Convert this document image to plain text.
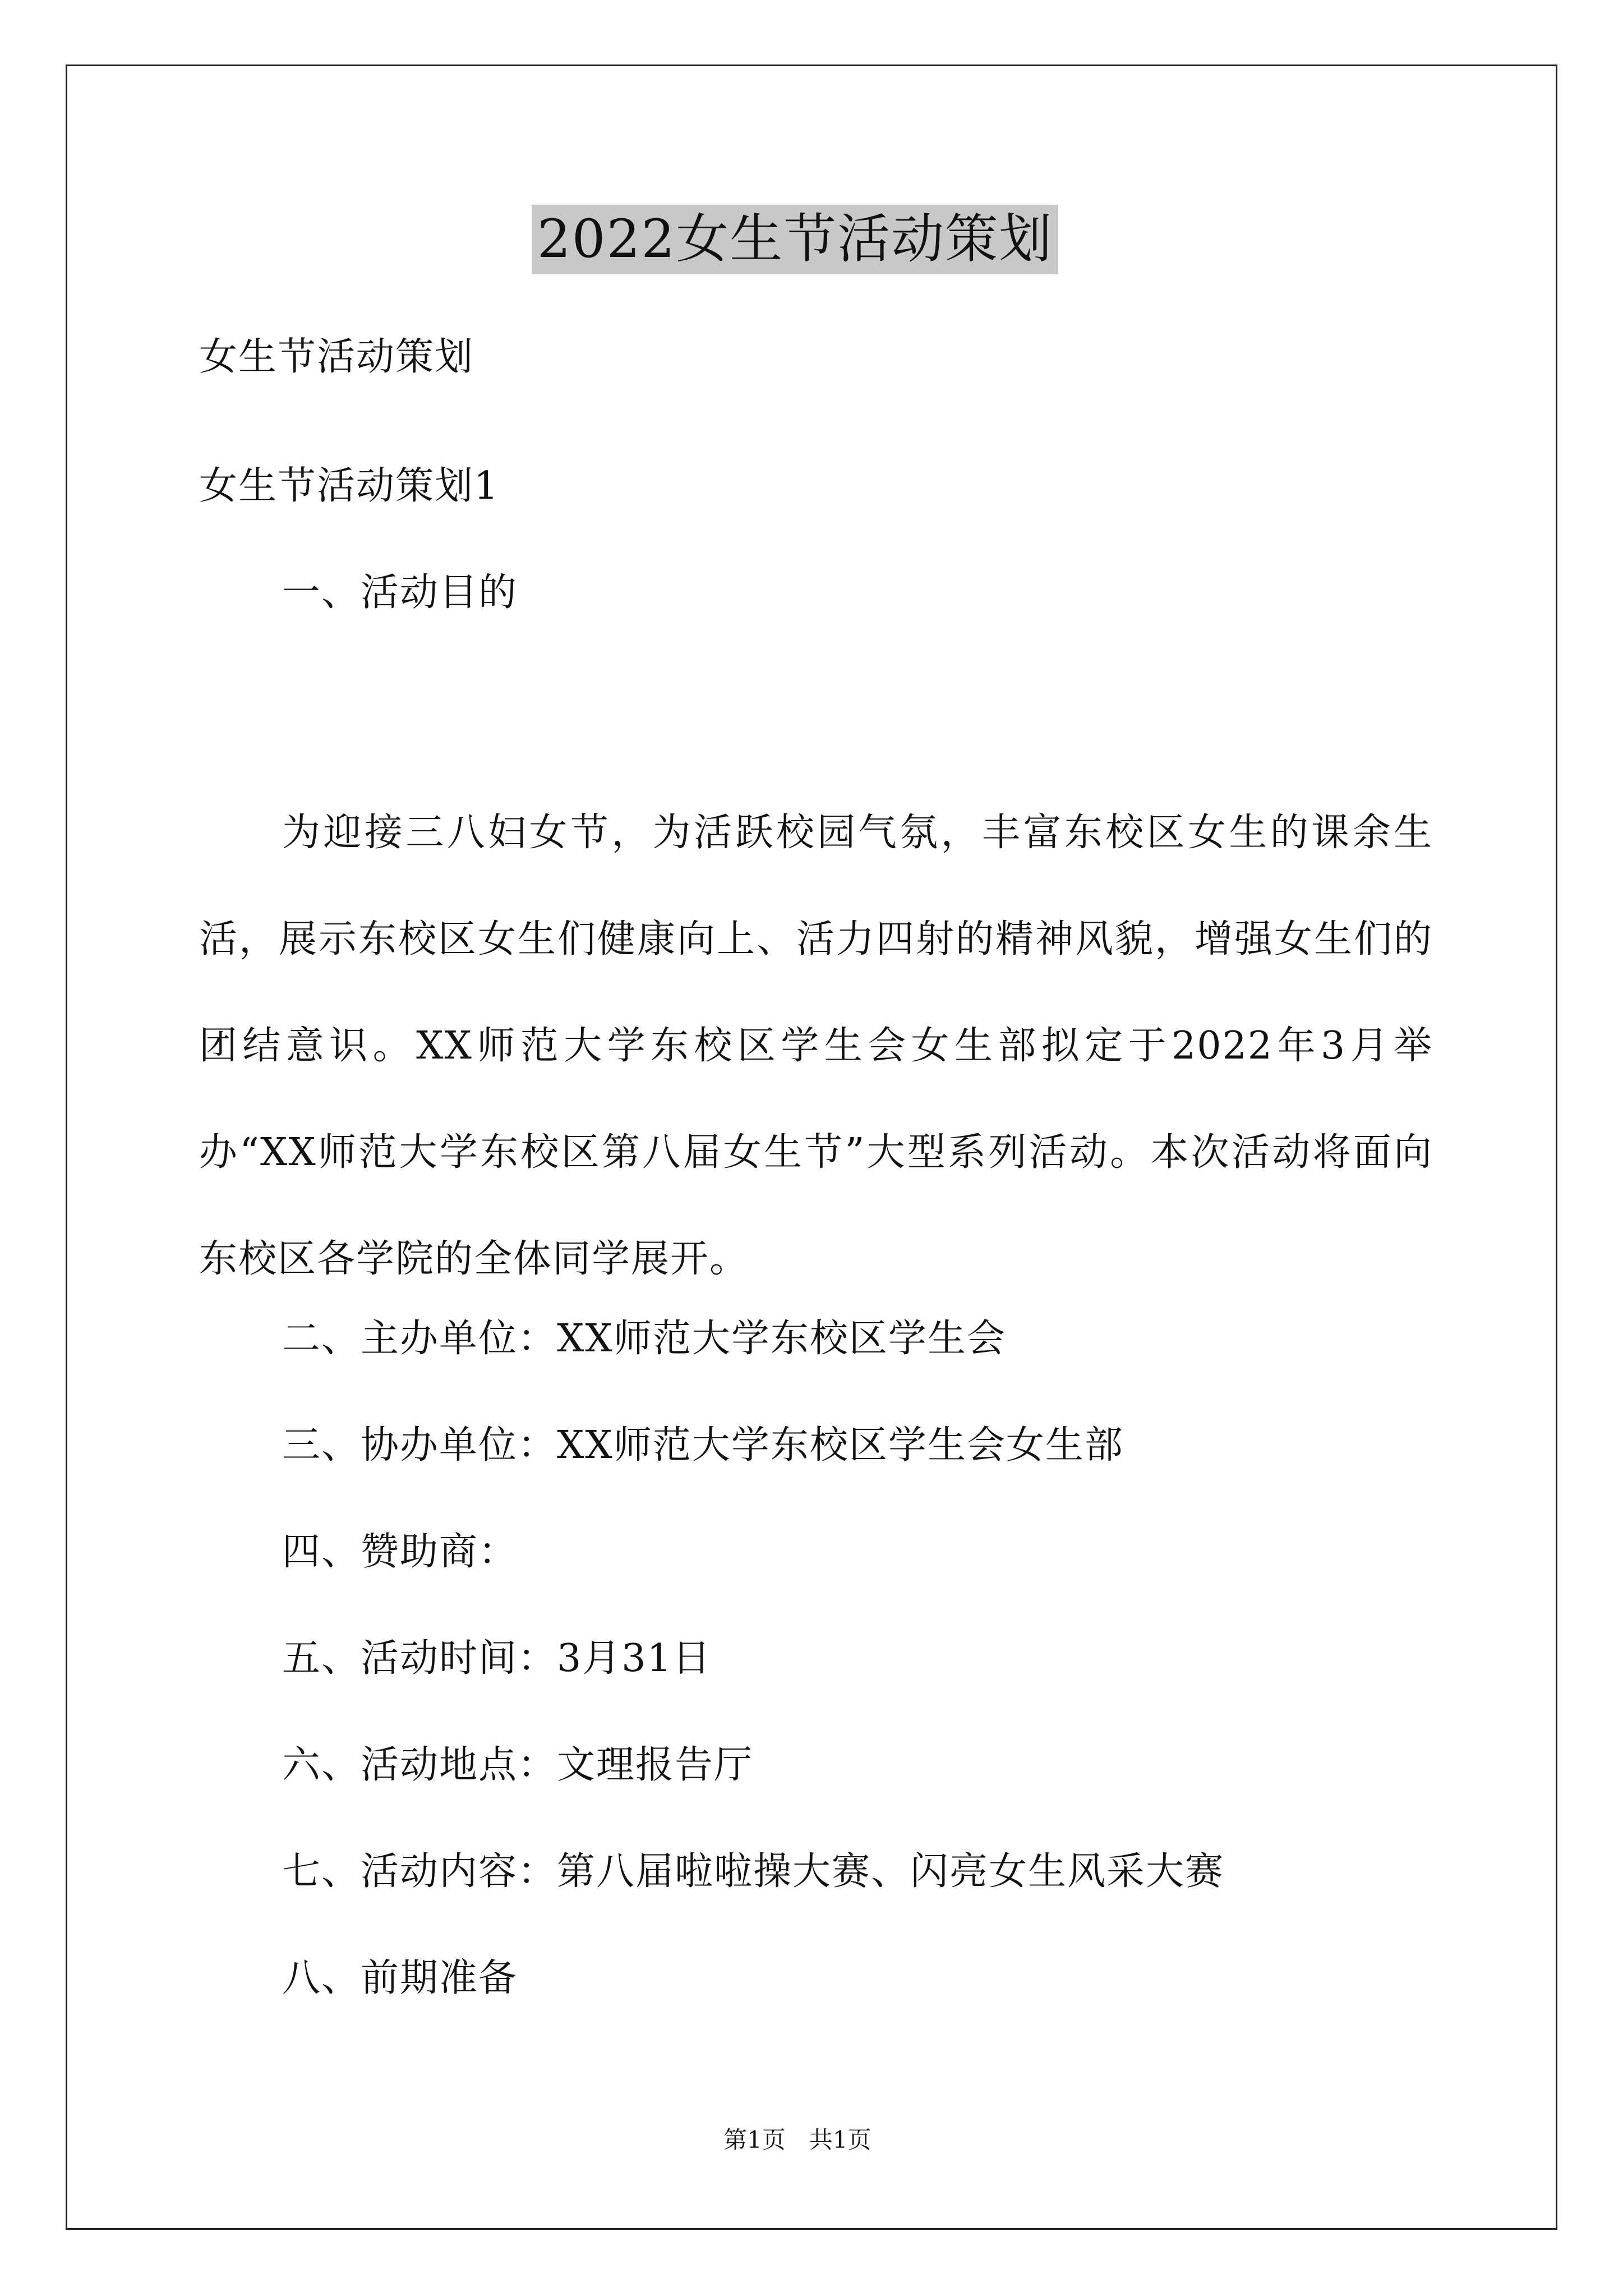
2022女生节活动策划
女生节活动策划
女生节活动策划1
一、活动目的
为迎接三八妇女节，为活跃校园气氛，丰富东校区女生的课余生活，展示东校区女生们健康向上、活力四射的精神风貌，增强女生们的团结意识。XX师范大学东校区学生会女生部拟定于2022年3月举办“XX师范大学东校区第八届女生节”大型系列活动。本次活动将面向东校区各学院的全体同学展开。
二、主办单位：XX师范大学东校区学生会
三、协办单位：XX师范大学东校区学生会女生部
四、赞助商：
五、活动时间：3月31日
六、活动地点：文理报告厅
七、活动内容：第八届啦啦操大赛、闪亮女生风采大赛
八、前期准备
第1页　共1页
